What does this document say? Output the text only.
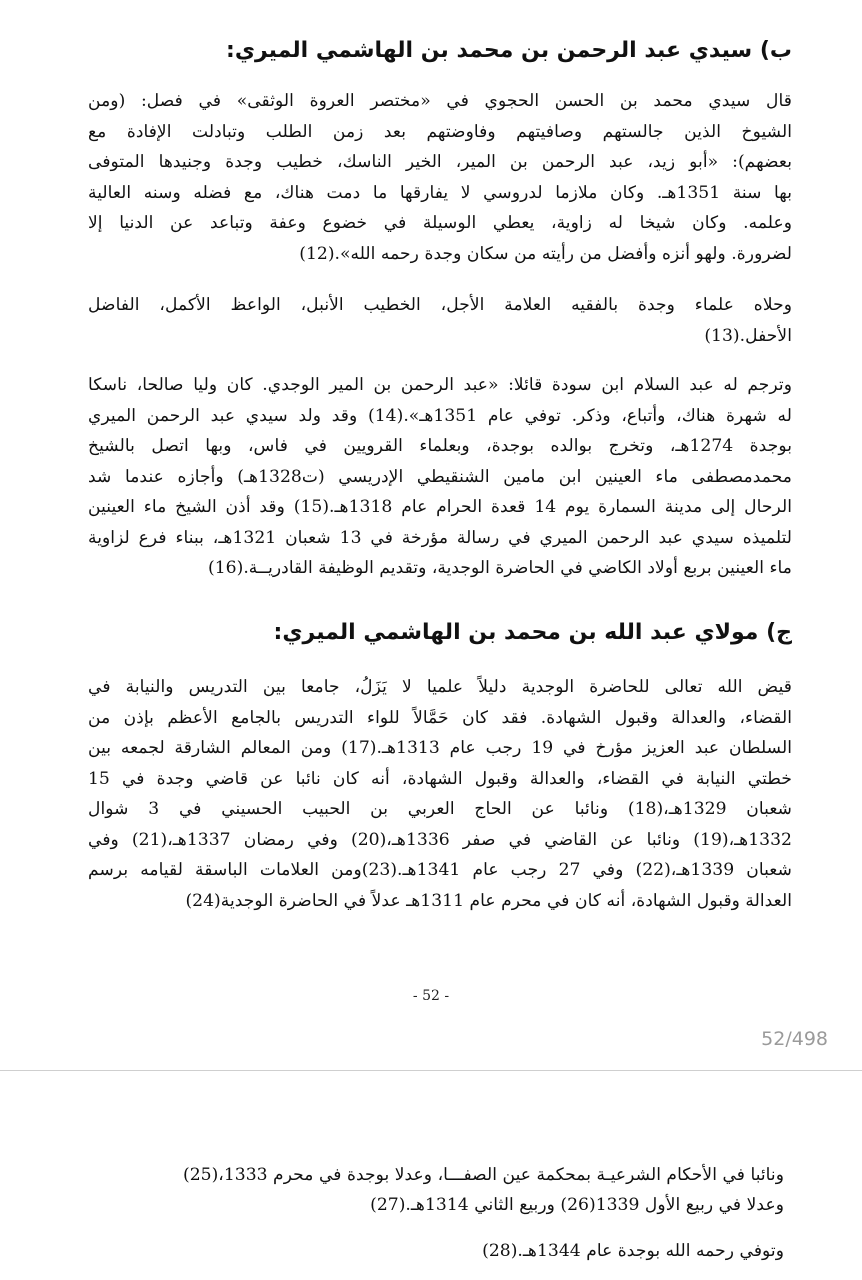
ب) سيدي عبد الرحمن بن محمد بن الهاشمي الميري:
قال سيدي محمد بن الحسن الحجوي في «مختصر العروة الوثقى» في فصل: (ومن
الشيوخ الذين جالستهم وصافيتهم وفاوضتهم بعد زمن الطلب وتبادلت الإفادة مع
بعضهم): «أبو زيد، عبد الرحمن بن المير، الخير الناسك، خطيب وجدة وجنيدها المتوفى
بها سنة 1351هـ. وكان ملازما لدروسي لا يفارقها ما دمت هناك، مع فضله وسنه العالية
وعلمه. وكان شيخا له زاوية، يعطي الوسيلة في خضوع وعفة وتباعد عن الدنيا إلا
لضرورة. ولهو أنزه وأفضل من رأيته من سكان وجدة رحمه الله».(12)
وحلاه علماء وجدة بالفقيه العلامة الأجل، الخطيب الأنبل، الواعظ الأكمل، الفاضل
الأحفل.(13)
وترجم له عبد السلام ابن سودة قائلا: «عبد الرحمن بن المير الوجدي. كان وليا صالحا، ناسكا
له شهرة هناك، وأتباع، وذكر. توفي عام 1351هـ».(14) وقد ولد سيدي عبد الرحمن الميري
بوجدة 1274هـ، وتخرج بوالده بوجدة، وبعلماء القرويين في فاس، وبها اتصل بالشيخ
محمدمصطفى ماء العينين ابن مامين الشنقيطي الإدريسي (ت1328هـ) وأجازه عندما شد
الرحال إلى مدينة السمارة يوم 14 قعدة الحرام عام 1318هـ.(15) وقد أذن الشيخ ماء العينين
لتلميذه سيدي عبد الرحمن الميري في رسالة مؤرخة في 13 شعبان 1321هـ، ببناء فرع لزاوية
ماء العينين بربع أولاد الكاضي في الحاضرة الوجدية، وتقديم الوظيفة القادريــة.(16)
ج) مولاي عبد الله بن محمد بن الهاشمي الميري:
قيض الله تعالى للحاضرة الوجدية دليلاً علميا لا يَزَلُ، جامعا بين التدريس والنيابة في
القضاء، والعدالة وقبول الشهادة. فقد كان حَمَّالاً للواء التدريس بالجامع الأعظم بإذن من
السلطان عبد العزيز مؤرخ في 19 رجب عام 1313هـ.(17) ومن المعالم الشارقة لجمعه بين
خطتي النيابة في القضاء، والعدالة وقبول الشهادة، أنه كان نائبا عن قاضي وجدة في 15
شعبان 1329هـ،(18) ونائبا عن الحاج العربي بن الحبيب الحسيني في 3 شوال
1332هـ،(19) ونائبا عن القاضي في صفر 1336هـ،(20) وفي رمضان 1337هـ،(21) وفي
شعبان 1339هـ،(22) وفي 27 رجب عام 1341هـ.(23)ومن العلامات الباسقة لقيامه برسم
العدالة وقبول الشهادة، أنه كان في محرم عام 1311هـ عدلاً في الحاضرة الوجدية(24)
- 52 -
52/498
ونائبا في الأحكام الشرعيـة بمحكمة عين الصفـــا، وعدلا بوجدة في محرم 1333،(25)
وعدلا في ربيع الأول 1339(26) وربيع الثاني 1314هـ.(27)
وتوفي رحمه الله بوجدة عام 1344هـ.(28)
